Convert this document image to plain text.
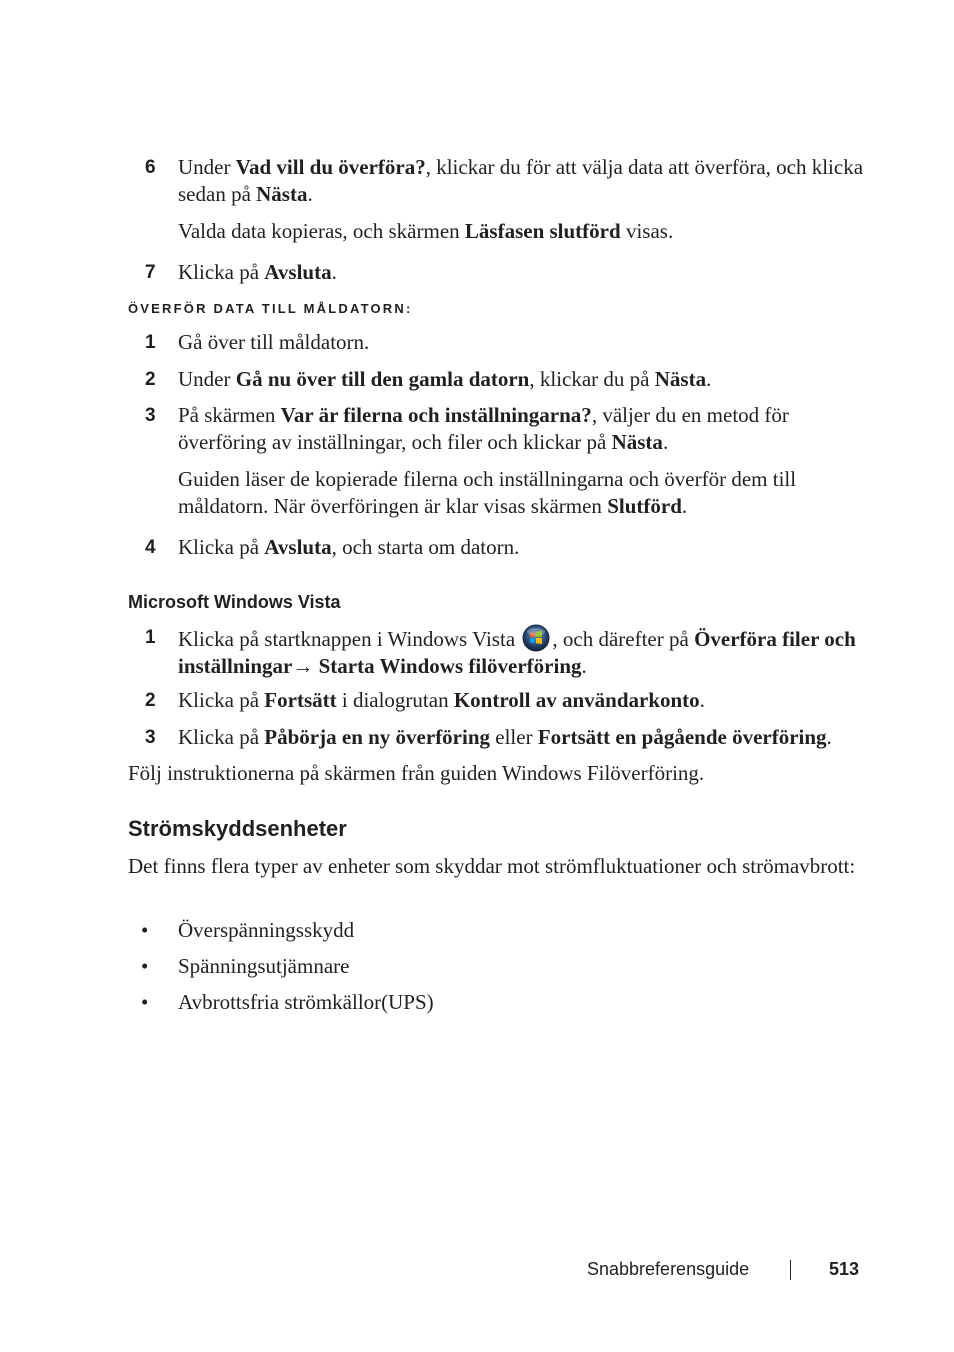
6 Under Vad vill du överföra?, klickar du för att välja data att överföra, och klicka sedan på Nästa.
Valda data kopieras, och skärmen Läsfasen slutförd visas.
7 Klicka på Avsluta.
ÖVERFÖR DATA TILL MÅLDATORN:
1 Gå över till måldatorn.
2 Under Gå nu över till den gamla datorn, klickar du på Nästa.
3 På skärmen Var är filerna och inställningarna?, väljer du en metod för överföring av inställningar, och filer och klickar på Nästa.
Guiden läser de kopierade filerna och inställningarna och överför dem till måldatorn. När överföringen är klar visas skärmen Slutförd.
4 Klicka på Avsluta, och starta om datorn.
Microsoft Windows Vista
1 Klicka på startknappen i Windows Vista , och därefter på Överföra filer och inställningar→ Starta Windows filöverföring.
2 Klicka på Fortsätt i dialogrutan Kontroll av användarkonto.
3 Klicka på Påbörja en ny överföring eller Fortsätt en pågående överföring.
Följ instruktionerna på skärmen från guiden Windows Filöverföring.
Strömskyddsenheter
Det finns flera typer av enheter som skyddar mot strömfluktuationer och strömavbrott:
• Överspänningsskydd
• Spänningsutjämnare
• Avbrottsfria strömkällor(UPS)
Snabbreferensguide	513
